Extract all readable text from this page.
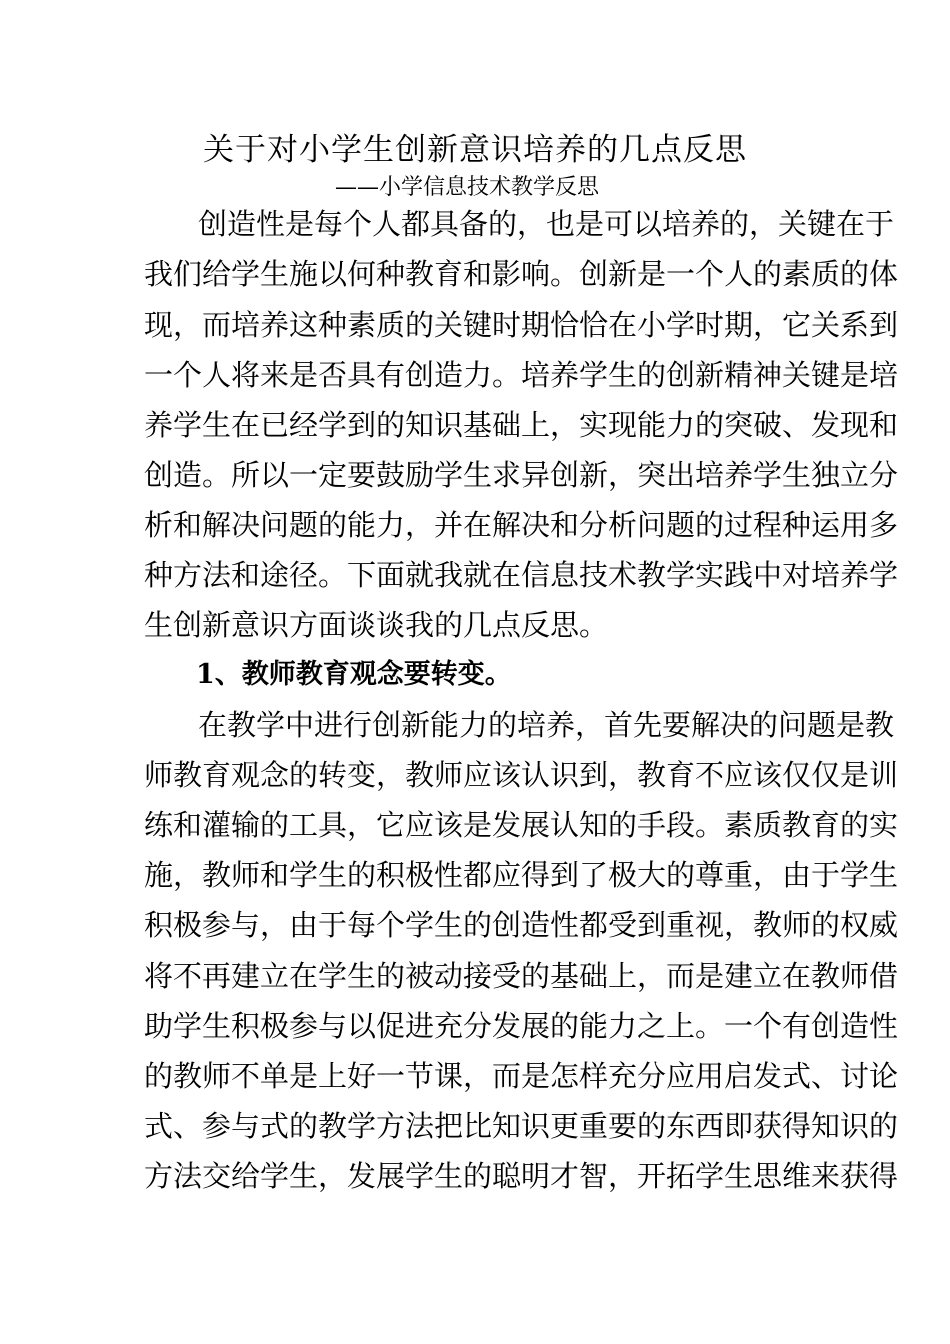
关于对小学生创新意识培养的几点反思
——小学信息技术教学反思
创造性是每个人都具备的，也是可以培养的，关键在于
我们给学生施以何种教育和影响。创新是一个人的素质的体
现，而培养这种素质的关键时期恰恰在小学时期，它关系到
一个人将来是否具有创造力。培养学生的创新精神关键是培
养学生在已经学到的知识基础上，实现能力的突破、发现和
创造。所以一定要鼓励学生求异创新，突出培养学生独立分
析和解决问题的能力，并在解决和分析问题的过程种运用多
种方法和途径。下面就我就在信息技术教学实践中对培养学
生创新意识方面谈谈我的几点反思。
1、教师教育观念要转变。
在教学中进行创新能力的培养，首先要解决的问题是教
师教育观念的转变，教师应该认识到，教育不应该仅仅是训
练和灌输的工具，它应该是发展认知的手段。素质教育的实
施，教师和学生的积极性都应得到了极大的尊重，由于学生
积极参与，由于每个学生的创造性都受到重视，教师的权威
将不再建立在学生的被动接受的基础上，而是建立在教师借
助学生积极参与以促进充分发展的能力之上。一个有创造性
的教师不单是上好一节课，而是怎样充分应用启发式、讨论
式、参与式的教学方法把比知识更重要的东西即获得知识的
方法交给学生，发展学生的聪明才智，开拓学生思维来获得
